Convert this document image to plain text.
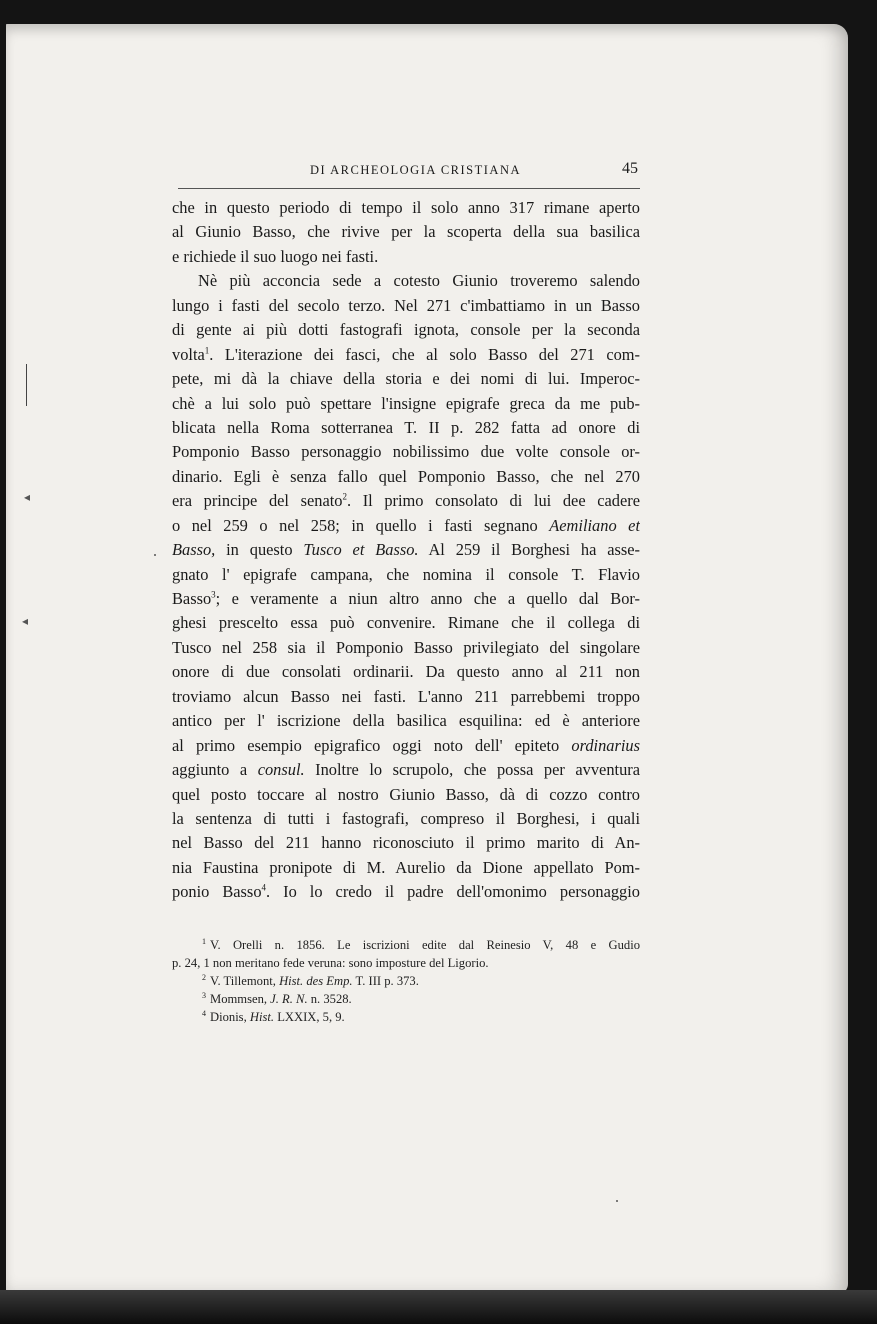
◂
◂
DI ARCHEOLOGIA CRISTIANA	45
che in questo periodo di tempo il solo anno 317 rimane aperto
al Giunio Basso, che rivive per la scoperta della sua basilica
e richiede il suo luogo nei fasti.
Nè più acconcia sede a cotesto Giunio troveremo salendo
lungo i fasti del secolo terzo. Nel 271 c'imbattiamo in un Basso
di gente ai più dotti fastografi ignota, console per la seconda
volta$^1$. L'iterazione dei fasci, che al solo Basso del 271 com-
pete, mi dà la chiave della storia e dei nomi di lui. Imperoc-
chè a lui solo può spettare l'insigne epigrafe greca da me pub-
blicata nella Roma sotterranea T. II p. 282 fatta ad onore di
Pomponio Basso personaggio nobilissimo due volte console or-
dinario. Egli è senza fallo quel Pomponio Basso, che nel 270
era principe del senato$^2$. Il primo consolato di lui dee cadere
o nel 259 o nel 258; in quello i fasti segnano Aemiliano et
Basso, in questo Tusco et Basso. Al 259 il Borghesi ha asse-
gnato l' epigrafe campana, che nomina il console T. Flavio
Basso$^3$; e veramente a niun altro anno che a quello dal Bor-
ghesi prescelto essa può convenire. Rimane che il collega di
Tusco nel 258 sia il Pomponio Basso privilegiato del singolare
onore di due consolati ordinarii. Da questo anno al 211 non
troviamo alcun Basso nei fasti. L'anno 211 parrebbemi troppo
antico per l' iscrizione della basilica esquilina: ed è anteriore
al primo esempio epigrafico oggi noto dell' epiteto ordinarius
aggiunto a consul. Inoltre lo scrupolo, che possa per avventura
quel posto toccare al nostro Giunio Basso, dà di cozzo contro
la sentenza di tutti i fastografi, compreso il Borghesi, i quali
nel Basso del 211 hanno riconosciuto il primo marito di An-
nia Faustina pronipote di M. Aurelio da Dione appellato Pom-
ponio Basso$^4$. Io lo credo il padre dell'omonimo personaggio
$^1$ V. Orelli n. 1856. Le iscrizioni edite dal Reinesio V, 48 e Gudio
p. 24, 1 non meritano fede veruna: sono imposture del Ligorio.
$^2$ V. Tillemont, Hist. des Emp. T. III p. 373.
$^3$ Mommsen, J. R. N. n. 3528.
$^4$ Dionis, Hist. LXXIX, 5, 9.
